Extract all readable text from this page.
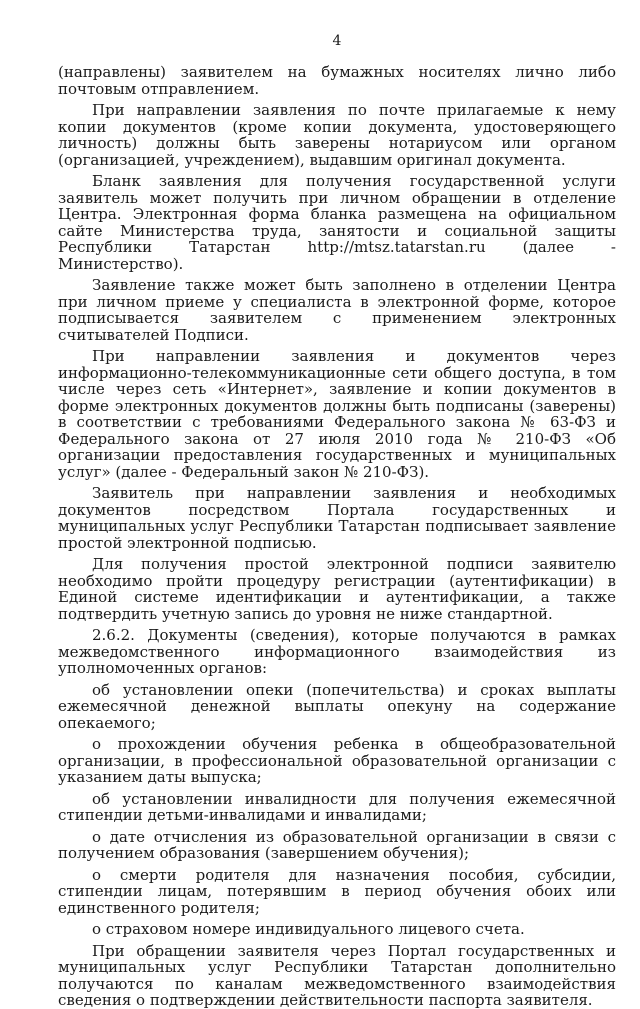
4

(направлены) заявителем на бумажных носителях лично либо почтовым отправлением.

При направлении заявления по почте прилагаемые к нему копии документов (кроме копии документа, удостоверяющего личность) должны быть заверены нотариусом или органом (организацией, учреждением), выдавшим оригинал документа.

Бланк заявления для получения государственной услуги заявитель может получить при личном обращении в отделение Центра. Электронная форма бланка размещена на официальном сайте Министерства труда, занятости и социальной защиты Республики Татарстан http://mtsz.tatarstan.ru (далее - Министерство).

Заявление также может быть заполнено в отделении Центра при личном приеме у специалиста в электронной форме, которое подписывается заявителем с применением электронных считывателей Подписи.

При направлении заявления и документов через информационно-телекоммуникационные сети общего доступа, в том числе через сеть «Интернет», заявление и копии документов в форме электронных документов должны быть подписаны (заверены) в соответствии с требованиями Федерального закона № 63-ФЗ и Федерального закона от 27 июля 2010 года № 210-ФЗ «Об организации предоставления государственных и муниципальных услуг» (далее - Федеральный закон № 210-ФЗ).

Заявитель при направлении заявления и необходимых документов посредством Портала государственных и муниципальных услуг Республики Татарстан подписывает заявление простой электронной подписью.

Для получения простой электронной подписи заявителю необходимо пройти процедуру регистрации (аутентификации) в Единой системе идентификации и аутентификации, а также подтвердить учетную запись до уровня не ниже стандартной.

2.6.2. Документы (сведения), которые получаются в рамках межведомственного информационного взаимодействия из уполномоченных органов:

об установлении опеки (попечительства) и сроках выплаты ежемесячной денежной выплаты опекуну на содержание опекаемого;

о прохождении обучения ребенка в общеобразовательной организации, в профессиональной образовательной организации с указанием даты выпуска;

об установлении инвалидности для получения ежемесячной стипендии детьми-инвалидами и инвалидами;

о дате отчисления из образовательной организации в связи с получением образования (завершением обучения);

о смерти родителя для назначения пособия, субсидии, стипендии лицам, потерявшим в период обучения обоих или единственного родителя;

о страховом номере индивидуального лицевого счета.

При обращении заявителя через Портал государственных и муниципальных услуг Республики Татарстан дополнительно получаются по каналам межведомственного взаимодействия сведения о подтверждении действительности паспорта заявителя.
